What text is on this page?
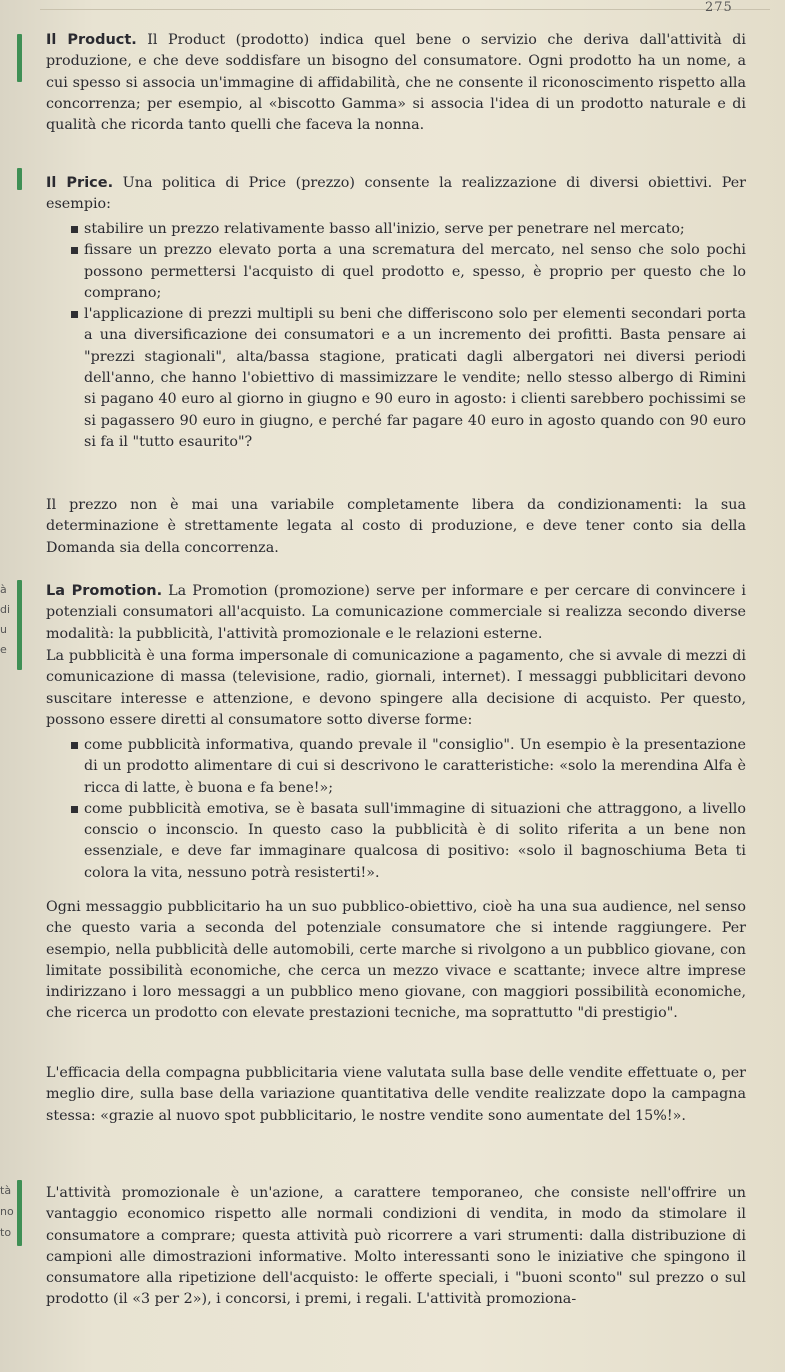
275
à
di
u
e
tà
no
to
Il Product. Il Product (prodotto) indica quel bene o servizio che deriva dall'attività di produzione, e che deve soddisfare un bisogno del consumatore. Ogni prodotto ha un nome, a cui spesso si associa un'immagine di affidabilità, che ne consente il riconoscimento rispetto alla concorrenza; per esempio, al «biscotto Gamma» si associa l'idea di un prodotto naturale e di qualità che ricorda tanto quelli che faceva la nonna.
Il Price. Una politica di Price (prezzo) consente la realizzazione di diversi obiettivi. Per esempio:
stabilire un prezzo relativamente basso all'inizio, serve per penetrare nel mercato;
fissare un prezzo elevato porta a una scrematura del mercato, nel senso che solo pochi possono permettersi l'acquisto di quel prodotto e, spesso, è proprio per questo che lo comprano;
l'applicazione di prezzi multipli su beni che differiscono solo per elementi secondari porta a una diversificazione dei consumatori e a un incremento dei profitti. Basta pensare ai "prezzi stagionali", alta/bassa stagione, praticati dagli albergatori nei diversi periodi dell'anno, che hanno l'obiettivo di massimizzare le vendite; nello stesso albergo di Rimini si pagano 40 euro al giorno in giugno e 90 euro in agosto: i clienti sarebbero pochissimi se si pagassero 90 euro in giugno, e perché far pagare 40 euro in agosto quando con 90 euro si fa il "tutto esaurito"?

Il prezzo non è mai una variabile completamente libera da condizionamenti: la sua determinazione è strettamente legata al costo di produzione, e deve tener conto sia della Domanda sia della concorrenza.

La Promotion. La Promotion (promozione) serve per informare e per cercare di convincere i potenziali consumatori all'acquisto. La comunicazione commerciale si realizza secondo diverse modalità: la pubblicità, l'attività promozionale e le relazioni esterne.

La pubblicità è una forma impersonale di comunicazione a pagamento, che si avvale di mezzi di comunicazione di massa (televisione, radio, giornali, internet). I messaggi pubblicitari devono suscitare interesse e attenzione, e devono spingere alla decisione di acquisto. Per questo, possono essere diretti al consumatore sotto diverse forme:

come pubblicità informativa, quando prevale il "consiglio". Un esempio è la presentazione di un prodotto alimentare di cui si descrivono le caratteristiche: «solo la merendina Alfa è ricca di latte, è buona e fa bene!»;
come pubblicità emotiva, se è basata sull'immagine di situazioni che attraggono, a livello conscio o inconscio. In questo caso la pubblicità è di solito riferita a un bene non essenziale, e deve far immaginare qualcosa di positivo: «solo il bagnoschiuma Beta ti colora la vita, nessuno potrà resisterti!».

Ogni messaggio pubblicitario ha un suo pubblico-obiettivo, cioè ha una sua audience, nel senso che questo varia a seconda del potenziale consumatore che si intende raggiungere. Per esempio, nella pubblicità delle automobili, certe marche si rivolgono a un pubblico giovane, con limitate possibilità economiche, che cerca un mezzo vivace e scattante; invece altre imprese indirizzano i loro messaggi a un pubblico meno giovane, con maggiori possibilità economiche, che ricerca un prodotto con elevate prestazioni tecniche, ma soprattutto "di prestigio".

L'efficacia della compagna pubblicitaria viene valutata sulla base delle vendite effettuate o, per meglio dire, sulla base della variazione quantitativa delle vendite realizzate dopo la campagna stessa: «grazie al nuovo spot pubblicitario, le nostre vendite sono aumentate del 15%!».

L'attività promozionale è un'azione, a carattere temporaneo, che consiste nell'offrire un vantaggio economico rispetto alle normali condizioni di vendita, in modo da stimolare il consumatore a comprare; questa attività può ricorrere a vari strumenti: dalla distribuzione di campioni alle dimostrazioni informative. Molto interessanti sono le iniziative che spingono il consumatore alla ripetizione dell'acquisto: le offerte speciali, i "buoni sconto" sul prezzo o sul prodotto (il «3 per 2»), i concorsi, i premi, i regali. L'attività promoziona-
